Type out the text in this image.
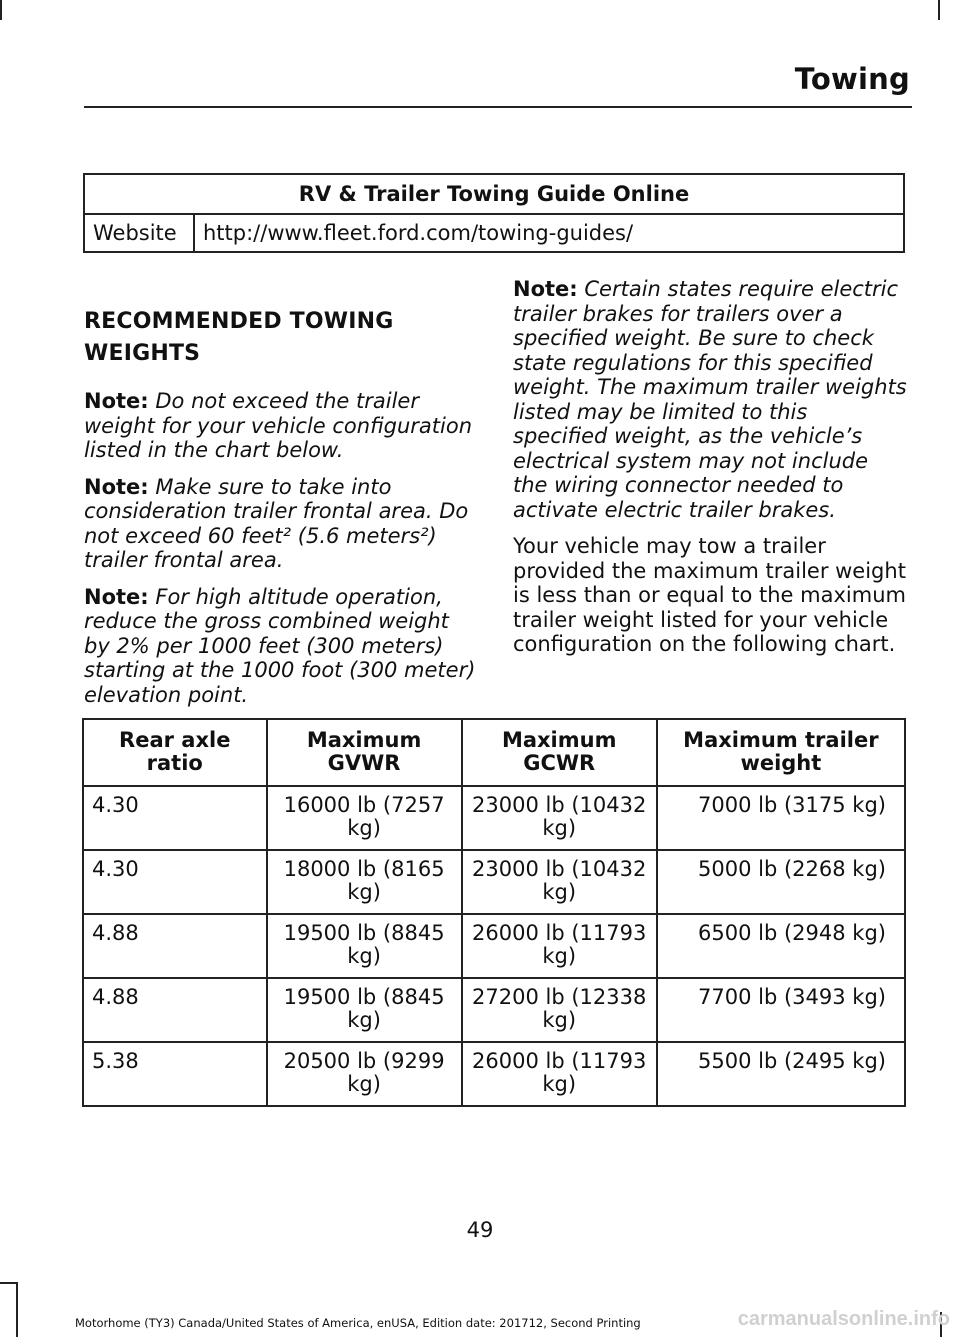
Towing
RV & Trailer Towing Guide Online
Website	http://www.fleet.ford.com/towing-guides/
RECOMMENDED TOWING
WEIGHTS

Note: Do not exceed the trailer weight for your vehicle configuration listed in the chart below.

Note: Make sure to take into consideration trailer frontal area. Do not exceed 60 feet² (5.6 meters²) trailer frontal area.

Note: For high altitude operation, reduce the gross combined weight by 2% per 1000 feet (300 meters) starting at the 1000 foot (300 meter) elevation point.

Note: Certain states require electric trailer brakes for trailers over a specified weight. Be sure to check state regulations for this specified weight. The maximum trailer weights listed may be limited to this specified weight, as the vehicle’s electrical system may not include the wiring connector needed to activate electric trailer brakes.

Your vehicle may tow a trailer provided the maximum trailer weight is less than or equal to the maximum trailer weight listed for your vehicle configuration on the following chart.

Rear axle ratio	Maximum GVWR	Maximum GCWR	Maximum trailer weight
4.30	16000 lb (7257 kg)	23000 lb (10432 kg)	7000 lb (3175 kg)
4.30	18000 lb (8165 kg)	23000 lb (10432 kg)	5000 lb (2268 kg)
4.88	19500 lb (8845 kg)	26000 lb (11793 kg)	6500 lb (2948 kg)
4.88	19500 lb (8845 kg)	27200 lb (12338 kg)	7700 lb (3493 kg)
5.38	20500 lb (9299 kg)	26000 lb (11793 kg)	5500 lb (2495 kg)
49
Motorhome (TY3) Canada/United States of America, enUSA, Edition date: 201712, Second Printing	carmanualsonline.info
